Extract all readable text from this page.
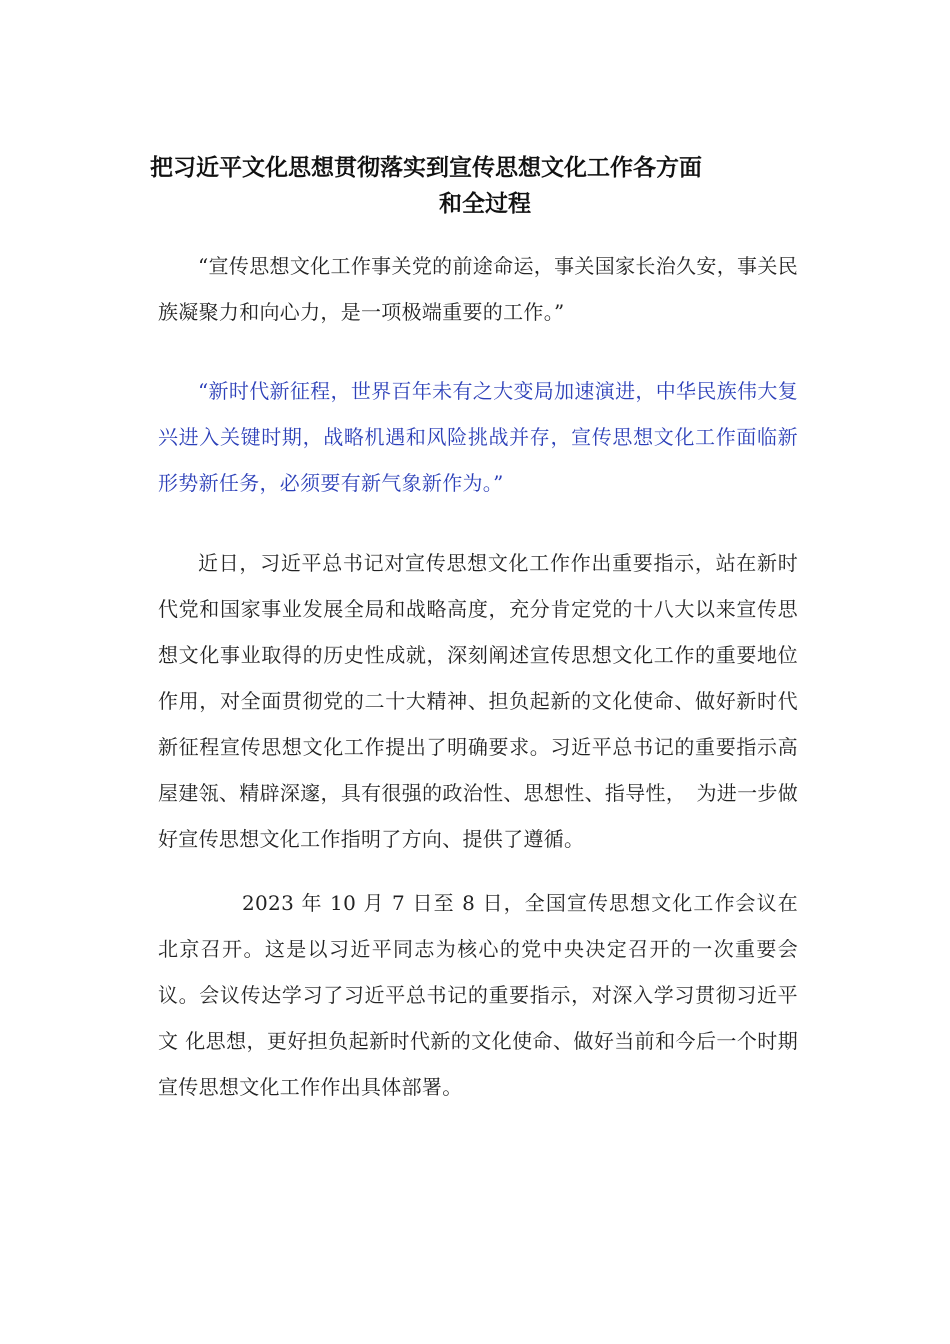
把习近平文化思想贯彻落实到宣传思想文化工作各方面
和全过程

“宣传思想文化工作事关党的前途命运，事关国家长治久安，事关民族凝聚力和向心力，是一项极端重要的工作。”

“新时代新征程，世界百年未有之大变局加速演进，中华民族伟大复兴进入关键时期，战略机遇和风险挑战并存，宣传思想文化工作面临新形势新任务，必须要有新气象新作为。”

近日，习近平总书记对宣传思想文化工作作出重要指示，站在新时代党和国家事业发展全局和战略高度，充分肯定党的十八大以来宣传思想文化事业取得的历史性成就，深刻阐述宣传思想文化工作的重要地位作用，对全面贯彻党的二十大精神、担负起新的文化使命、做好新时代新征程宣传思想文化工作提出了明确要求。习近平总书记的重要指示高屋建瓴、精辟深邃，具有很强的政治性、思想性、指导性，　为进一步做好宣传思想文化工作指明了方向、提供了遵循。

2023 年 10 月 7 日至 8 日，全国宣传思想文化工作会议在北京召开。这是以习近平同志为核心的党中央决定召开的一次重要会议。会议传达学习了习近平总书记的重要指示，对深入学习贯彻习近平文 化思想，更好担负起新时代新的文化使命、做好当前和今后一个时期 宣传思想文化工作作出具体部署。
